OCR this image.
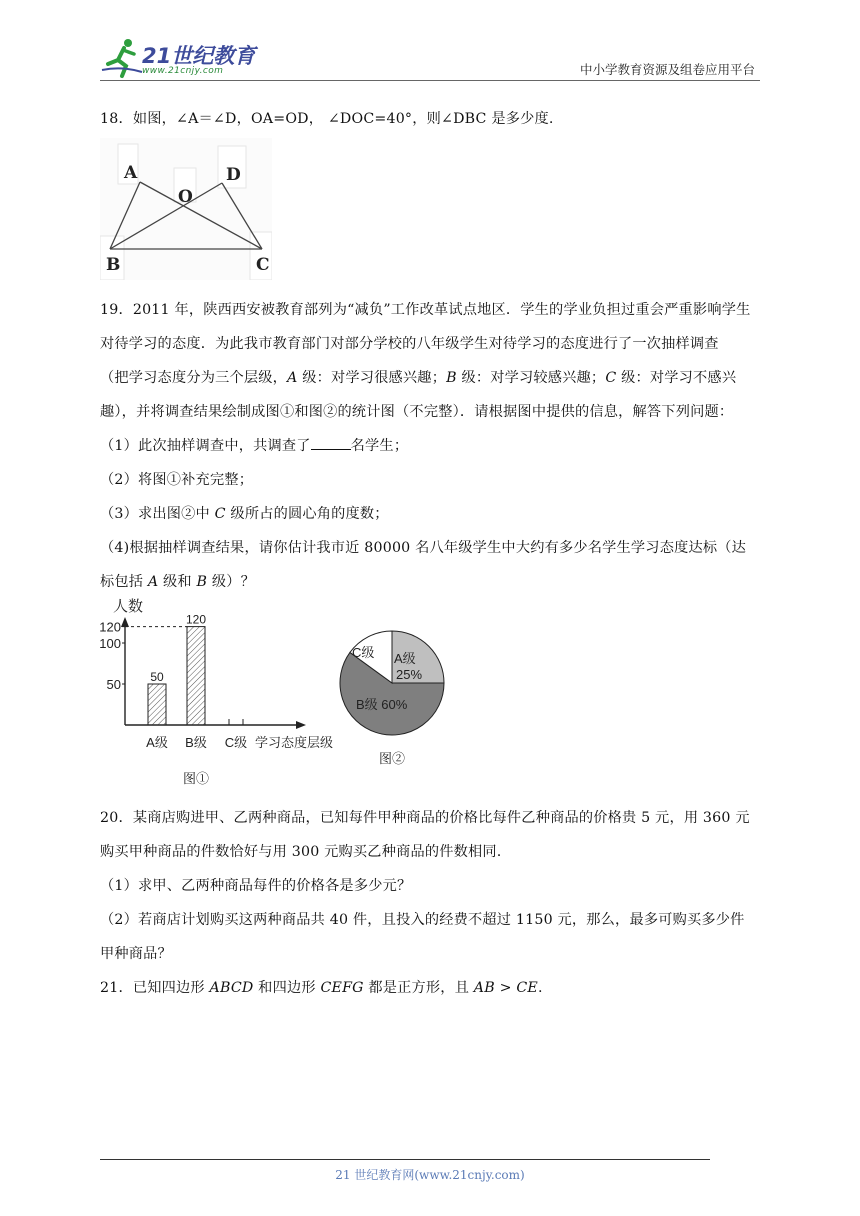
21世纪教育
www.21cnjy.com	中小学教育资源及组卷应用平台
18．如图，∠A＝∠D，OA=OD， ∠DOC=40°，则∠DBC 是多少度.
A
O
D
B	C
19．2011 年，陕西西安被教育部列为“减负”工作改革试点地区．学生的学业负担过重会严重影响学生
对待学习的态度．为此我市教育部门对部分学校的八年级学生对待学习的态度进行了一次抽样调查
（把学习态度分为三个层级，A 级：对学习很感兴趣；B 级：对学习较感兴趣；C 级：对学习不感兴
趣），并将调查结果绘制成图①和图②的统计图（不完整）．请根据图中提供的信息，解答下列问题：
（1）此次抽样调查中，共调查了	名学生；
（2）将图①补充完整；
（3）求出图②中 C 级所占的圆心角的度数；
（4)根据抽样调查结果，请你估计我市近 80000 名八年级学生中大约有多少名学生学习态度达标（达
标包括 A 级和 B 级）？
人数
50
100
120
50
A级
120
B级 C级 学习态度层级
图①
A级
25%
B级 60%
C级
图②
20．某商店购进甲、乙两种商品，已知每件甲种商品的价格比每件乙种商品的价格贵 5 元，用 360 元
购买甲种商品的件数恰好与用 300 元购买乙种商品的件数相同.
（1）求甲、乙两种商品每件的价格各是多少元？
（2）若商店计划购买这两种商品共 40 件，且投入的经费不超过 1150 元，那么，最多可购买多少件
甲种商品？
21．已知四边形 ABCD 和四边形 CEFG 都是正方形，且 AB > CE.
21 世纪教育网(www.21cnjy.com)
